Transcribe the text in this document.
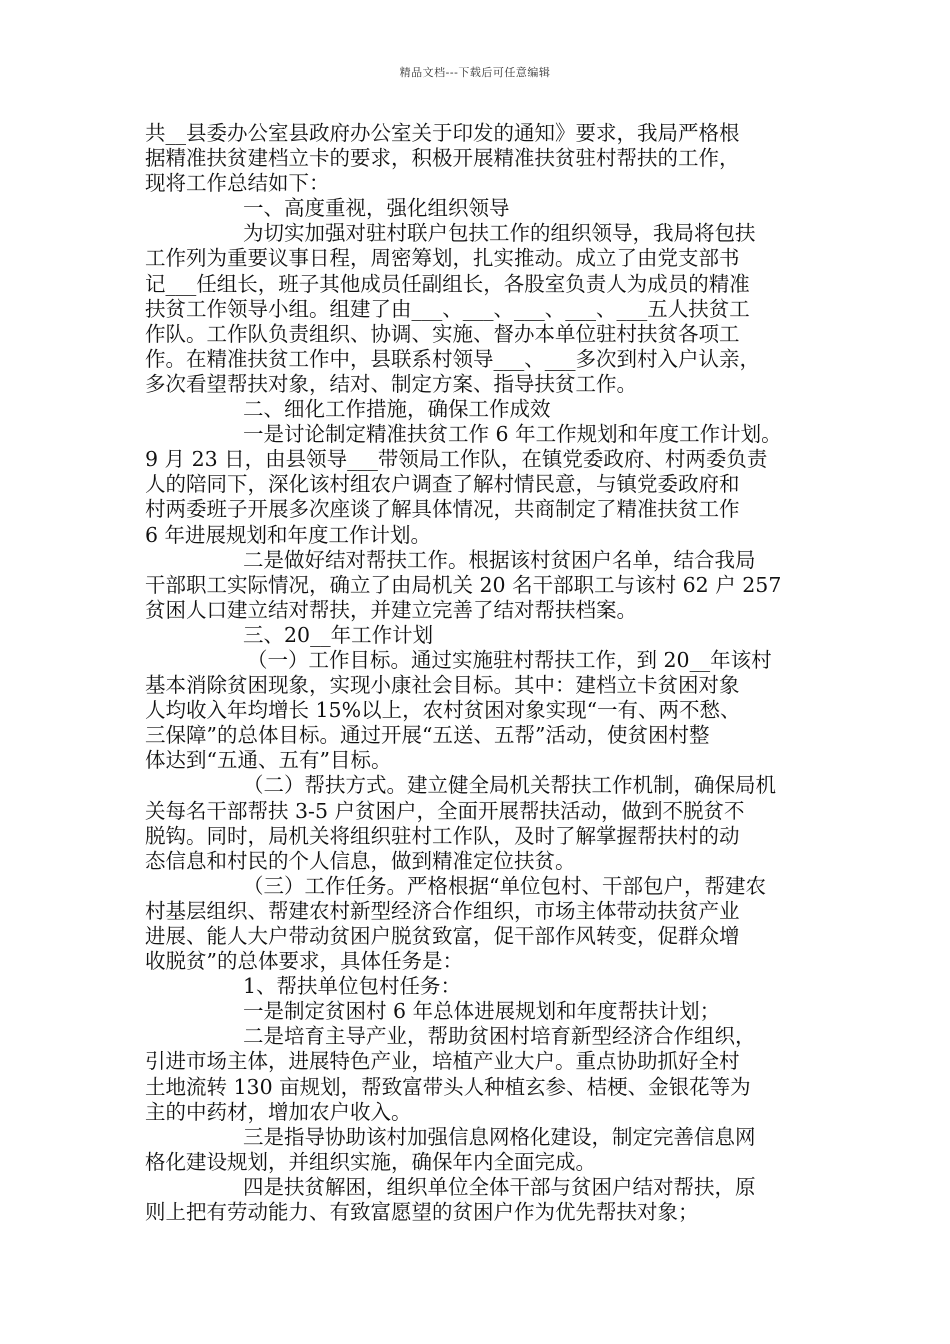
精品文档---下载后可任意编辑
共__县委办公室县政府办公室关于印发的通知》要求，我局严格根
据精准扶贫建档立卡的要求，积极开展精准扶贫驻村帮扶的工作，
现将工作总结如下：
一、高度重视，强化组织领导
为切实加强对驻村联户包扶工作的组织领导，我局将包扶
工作列为重要议事日程，周密筹划，扎实推动。成立了由党支部书
记___任组长，班子其他成员任副组长，各股室负责人为成员的精准
扶贫工作领导小组。组建了由___、___、___、___、___五人扶贫工
作队。工作队负责组织、协调、实施、督办本单位驻村扶贫各项工
作。在精准扶贫工作中，县联系村领导___、___多次到村入户认亲，
多次看望帮扶对象，结对、制定方案、指导扶贫工作。
二、细化工作措施，确保工作成效
一是讨论制定精准扶贫工作 6 年工作规划和年度工作计划。
9 月 23 日，由县领导___带领局工作队，在镇党委政府、村两委负责
人的陪同下，深化该村组农户调查了解村情民意，与镇党委政府和
村两委班子开展多次座谈了解具体情况，共商制定了精准扶贫工作
6 年进展规划和年度工作计划。
二是做好结对帮扶工作。根据该村贫困户名单，结合我局
干部职工实际情况，确立了由局机关 20 名干部职工与该村 62 户 257
贫困人口建立结对帮扶，并建立完善了结对帮扶档案。
三、20__年工作计划
（一）工作目标。通过实施驻村帮扶工作，到 20__年该村
基本消除贫困现象，实现小康社会目标。其中：建档立卡贫困对象
人均收入年均增长 15%以上，农村贫困对象实现“一有、两不愁、
三保障”的总体目标。通过开展“五送、五帮”活动，使贫困村整
体达到“五通、五有”目标。
（二）帮扶方式。建立健全局机关帮扶工作机制，确保局机
关每名干部帮扶 3-5 户贫困户，全面开展帮扶活动，做到不脱贫不
脱钩。同时，局机关将组织驻村工作队，及时了解掌握帮扶村的动
态信息和村民的个人信息，做到精准定位扶贫。
（三）工作任务。严格根据“单位包村、干部包户，帮建农
村基层组织、帮建农村新型经济合作组织，市场主体带动扶贫产业
进展、能人大户带动贫困户脱贫致富，促干部作风转变，促群众增
收脱贫”的总体要求，具体任务是：
1、帮扶单位包村任务：
一是制定贫困村 6 年总体进展规划和年度帮扶计划；
二是培育主导产业，帮助贫困村培育新型经济合作组织，
引进市场主体，进展特色产业，培植产业大户。重点协助抓好全村
土地流转 130 亩规划，帮致富带头人种植玄参、桔梗、金银花等为
主的中药材，增加农户收入。
三是指导协助该村加强信息网格化建设，制定完善信息网
格化建设规划，并组织实施，确保年内全面完成。
四是扶贫解困，组织单位全体干部与贫困户结对帮扶，原
则上把有劳动能力、有致富愿望的贫困户作为优先帮扶对象；
